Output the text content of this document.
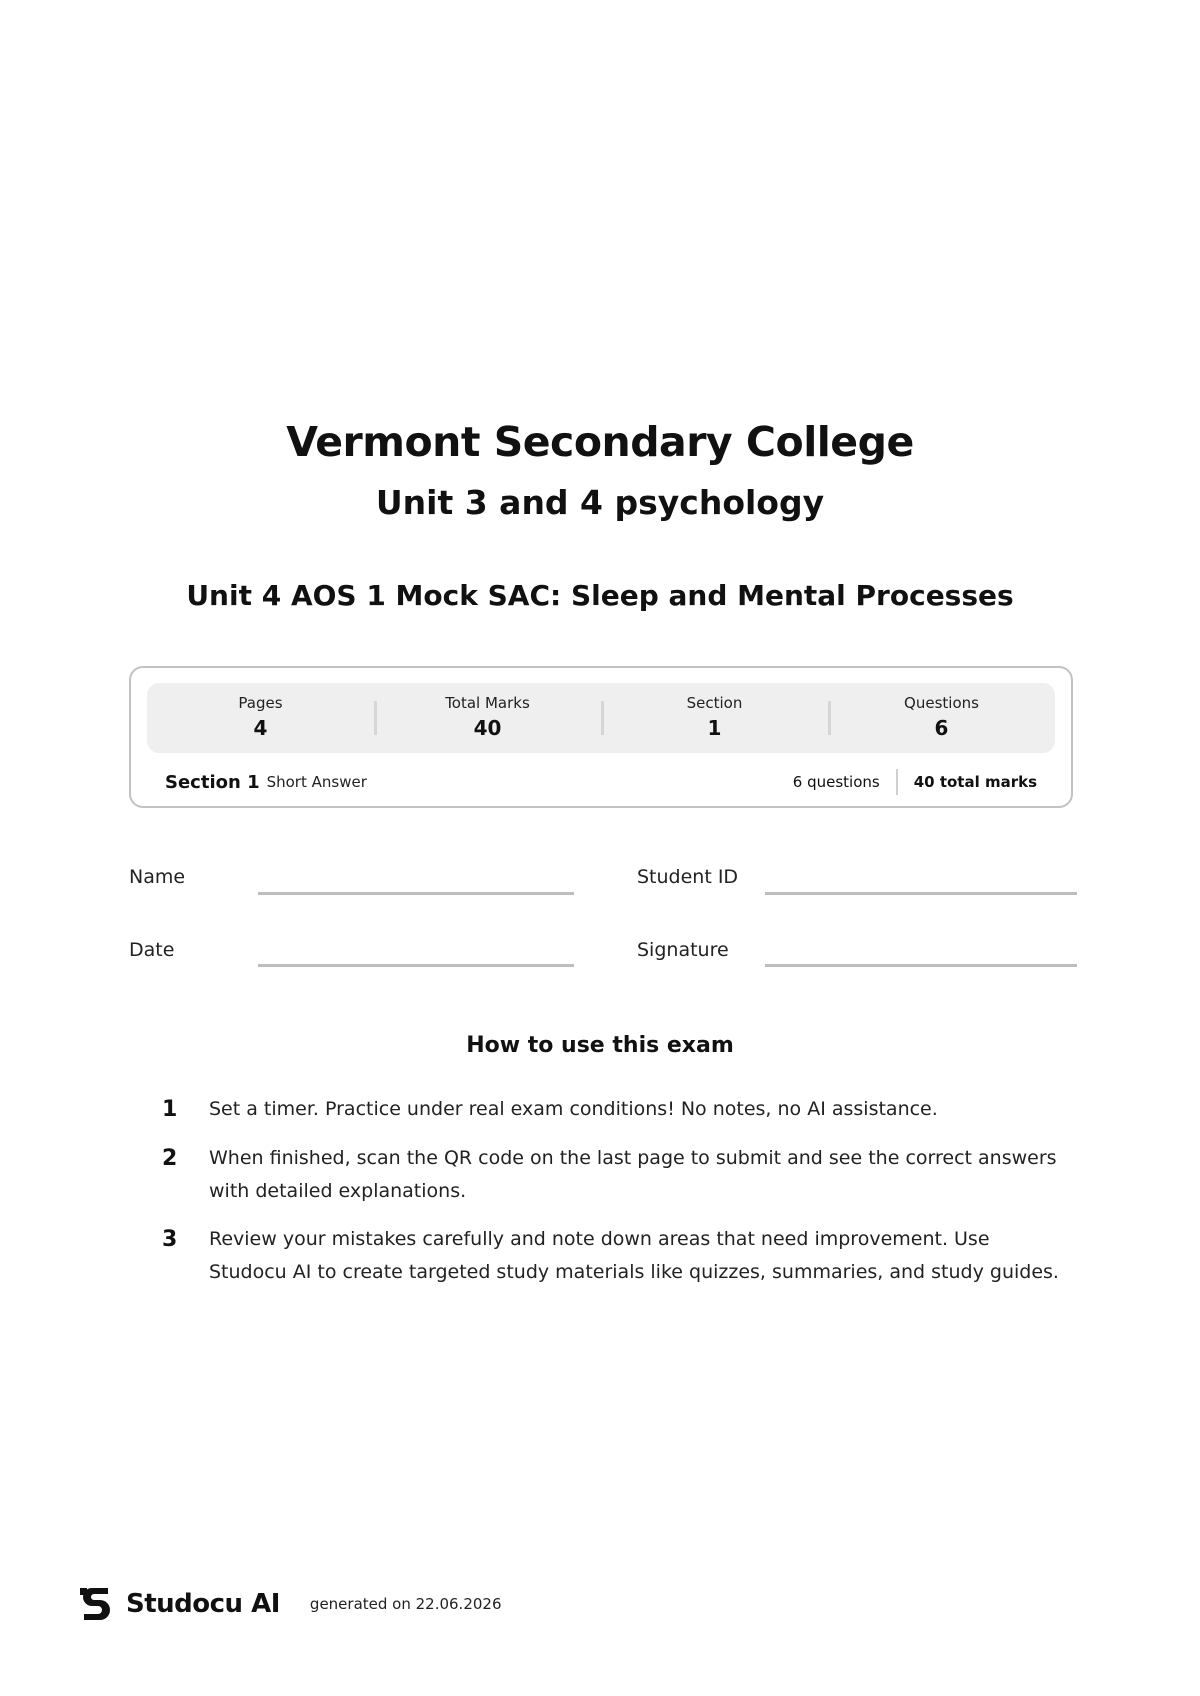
Vermont Secondary College
Unit 3 and 4 psychology
Unit 4 AOS 1 Mock SAC: Sleep and Mental Processes
Pages
4
Total Marks
40
Section
1
Questions
6
Section 1 Short Answer	6 questions 40 total marks
Name	Student ID
Date	Signature
How to use this exam
1 Set a timer. Practice under real exam conditions! No notes, no AI assistance.
2 When finished, scan the QR code on the last page to submit and see the correct answers with detailed explanations.
3 Review your mistakes carefully and note down areas that need improvement. Use Studocu AI to create targeted study materials like quizzes, summaries, and study guides.
Studocu AI generated on 22.06.2026
